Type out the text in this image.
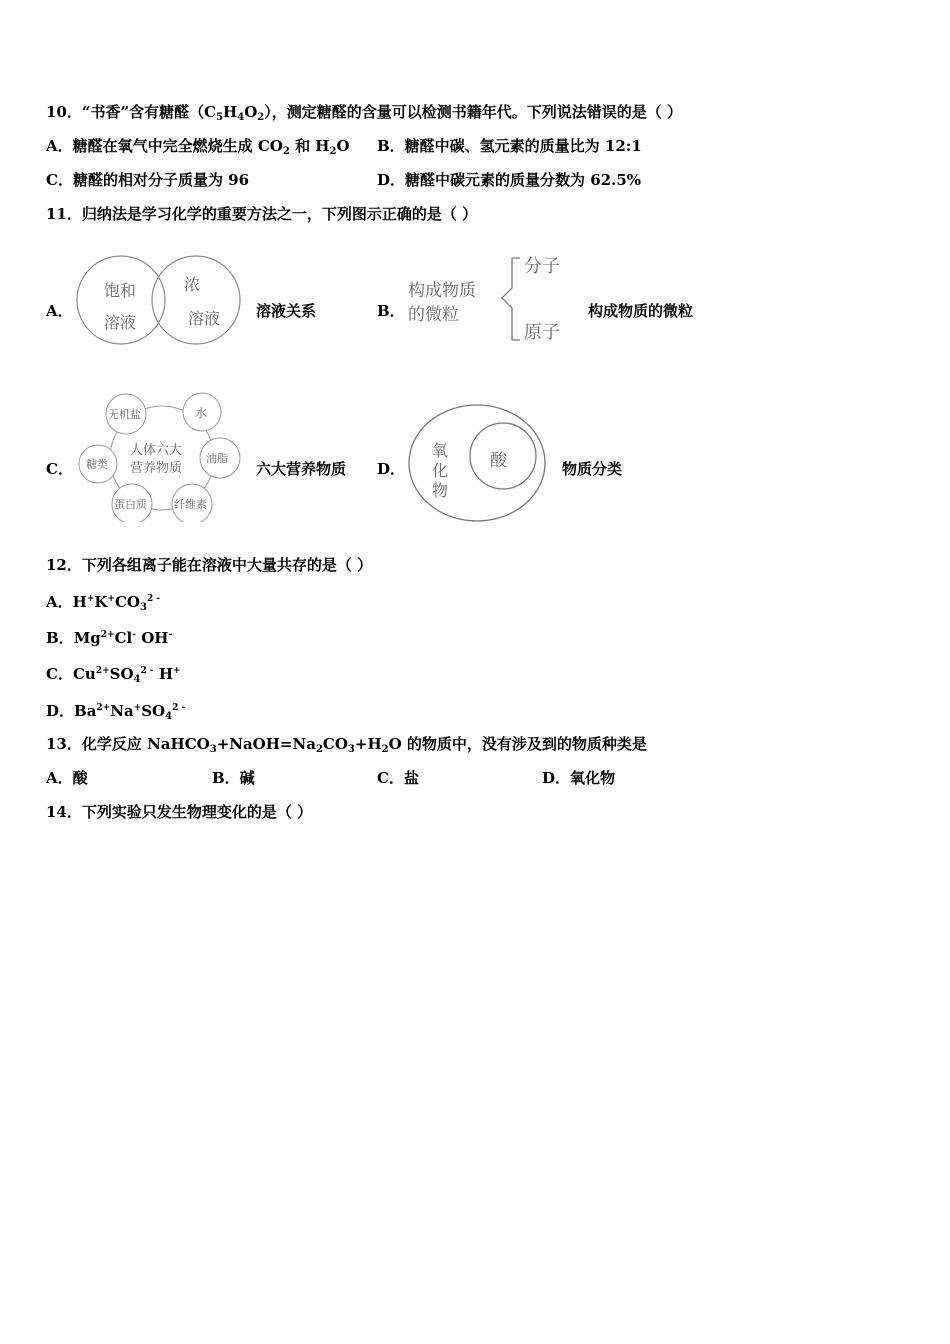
10．“书香”含有糖醛$(C_5H_4O_2)$，测定糖醛的含量可以检测书籍年代。下列说法错误的是（ ）
A．糖醛在氧气中完全燃烧生成 $CO_2$ 和 $H_2O$ B．糖醛中碳、氢元素的质量比为 12:1
C．糖醛的相对分子质量为 96	D．糖醛中碳元素的质量分数为 62.5%
11．归纳法是学习化学的重要方法之一，下列图示正确的是（ ）
A．
饱和
溶液
浓
溶液 溶液关系	B．
构成物质
的微粒
分子
原子
构成物质的微粒
C．
人体六大
营养物质
无机盐	水
油脂
纤维素
蛋白质
糖类	六大营养物质 D．
氧
化
物
酸	物质分类
12．下列各组离子能在溶液中大量共存的是（ ）
A．$H^+K^+CO_3^{2 -}$
B．$Mg^{2+}Cl^-$ OH-
C．$Cu^{2+}SO_4^{2 -}$ H+
D．$Ba^{2+}Na^+SO_4^{2 -}$
13．化学反应 $NaHCO_3+NaOH=Na_2CO_3+H_2O$ 的物质中，没有涉及到的物质种类是
A．酸	B．碱	C．盐	D．氧化物
14．下列实验只发生物理变化的是（ ）
